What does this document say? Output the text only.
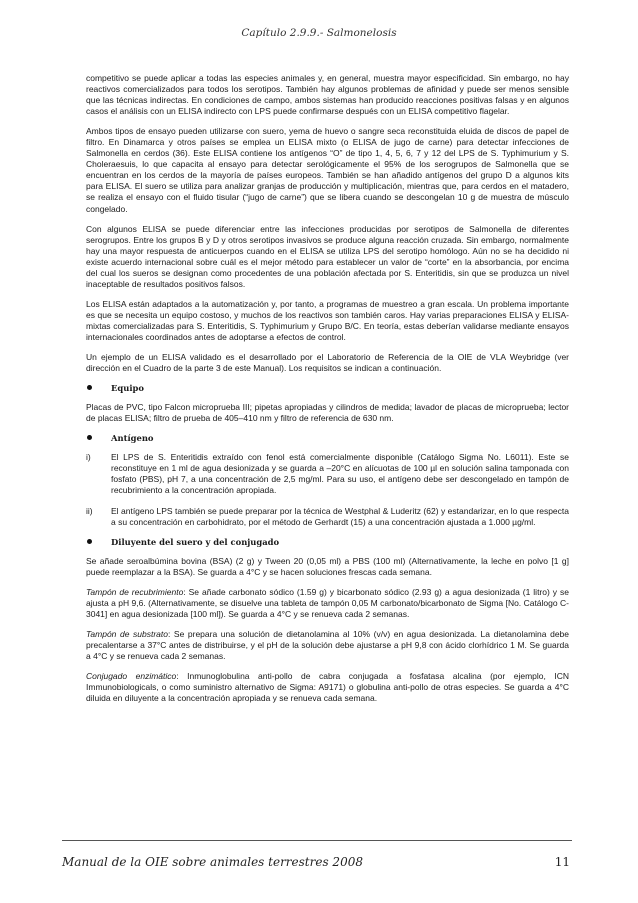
Capítulo 2.9.9.- Salmonelosis

competitivo se puede aplicar a todas las especies animales y, en general, muestra mayor especificidad. Sin embargo, no hay reactivos comercializados para todos los serotipos. También hay algunos problemas de afinidad y puede ser menos sensible que las técnicas indirectas. En condiciones de campo, ambos sistemas han producido reacciones positivas falsas y en algunos casos el análisis con un ELISA indirecto con LPS puede confirmarse después con un ELISA competitivo flagelar.

Ambos tipos de ensayo pueden utilizarse con suero, yema de huevo o sangre seca reconstituida eluida de discos de papel de filtro. En Dinamarca y otros países se emplea un ELISA mixto (o ELISA de jugo de carne) para detectar infecciones de Salmonella en cerdos (36). Este ELISA contiene los antígenos “O” de tipo 1, 4, 5, 6, 7 y 12 del LPS de S. Typhimurium y S. Choleraesuis, lo que capacita al ensayo para detectar serológicamente el 95% de los serogrupos de Salmonella que se encuentran en los cerdos de la mayoría de países europeos. También se han añadido antígenos del grupo D a algunos kits para ELISA. El suero se utiliza para analizar granjas de producción y multiplicación, mientras que, para cerdos en el matadero, se realiza el ensayo con el fluido tisular (“jugo de carne”) que se libera cuando se descongelan 10 g de muestra de músculo congelado.

Con algunos ELISA se puede diferenciar entre las infecciones producidas por serotipos de Salmonella de diferentes serogrupos. Entre los grupos B y D y otros serotipos invasivos se produce alguna reacción cruzada. Sin embargo, normalmente hay una mayor respuesta de anticuerpos cuando en el ELISA se utiliza LPS del serotipo homólogo. Aún no se ha decidido ni existe acuerdo internacional sobre cuál es el mejor método para establecer un valor de “corte” en la absorbancia, por encima del cual los sueros se designan como procedentes de una población afectada por S. Enteritidis, sin que se produzca un nivel inaceptable de resultados positivos falsos.

Los ELISA están adaptados a la automatización y, por tanto, a programas de muestreo a gran escala. Un problema importante es que se necesita un equipo costoso, y muchos de los reactivos son también caros. Hay varias preparaciones ELISA y ELISA-mixtas comercializadas para S. Enteritidis, S. Typhimurium y Grupo B/C. En teoría, estas deberían validarse mediante ensayos internacionales coordinados antes de adoptarse a efectos de control.

Un ejemplo de un ELISA validado es el desarrollado por el Laboratorio de Referencia de la OIE de VLA Weybridge (ver dirección en el Cuadro de la parte 3 de este Manual). Los requisitos se indican a continuación.

Equipo

Placas de PVC, tipo Falcon microprueba III; pipetas apropiadas y cilindros de medida; lavador de placas de microprueba; lector de placas ELISA; filtro de prueba de 405–410 nm y filtro de referencia de 630 nm.

Antígeno
i) El LPS de S. Enteritidis extraído con fenol está comercialmente disponible (Catálogo Sigma No. L6011). Este se reconstituye en 1 ml de agua desionizada y se guarda a –20°C en alícuotas de 100 µl en solución salina tamponada con fosfato (PBS), pH 7, a una concentración de 2,5 mg/ml. Para su uso, el antígeno debe ser descongelado en tampón de recubrimiento a la concentración apropiada.
ii) El antígeno LPS también se puede preparar por la técnica de Westphal & Luderitz (62) y estandarizar, en lo que respecta a su concentración en carbohidrato, por el método de Gerhardt (15) a una concentración ajustada a 1.000 µg/ml.
Diluyente del suero y del conjugado

Se añade seroalbúmina bovina (BSA) (2 g) y Tween 20 (0,05 ml) a PBS (100 ml) (Alternativamente, la leche en polvo [1 g] puede reemplazar a la BSA). Se guarda a 4°C y se hacen soluciones frescas cada semana.

Tampón de recubrimiento: Se añade carbonato sódico (1.59 g) y bicarbonato sódico (2.93 g) a agua desionizada (1 litro) y se ajusta a pH 9,6. (Alternativamente, se disuelve una tableta de tampón 0,05 M carbonato/bicarbonato de Sigma [No. Catálogo C-3041] en agua desionizada [100 ml]). Se guarda a 4°C y se renueva cada 2 semanas.

Tampón de substrato: Se prepara una solución de dietanolamina al 10% (v/v) en agua desionizada. La dietanolamina debe precalentarse a 37°C antes de distribuirse, y el pH de la solución debe ajustarse a pH 9,8 con ácido clorhídrico 1 M. Se guarda a 4°C y se renueva cada 2 semanas.

Conjugado enzimático: Inmunoglobulina anti-pollo de cabra conjugada a fosfatasa alcalina (por ejemplo, ICN Immunobiologicals, o como suministro alternativo de Sigma: A9171) o globulina anti-pollo de otras especies. Se guarda a 4°C diluida en diluyente a la concentración apropiada y se renueva cada semana.

Manual de la OIE sobre animales terrestres 2008	11
